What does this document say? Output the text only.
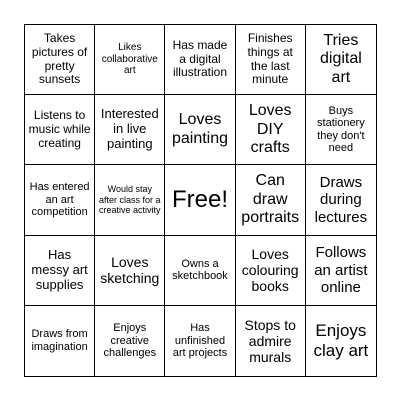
Takes pictures of pretty sunsets
Likes collaborative art
Has made a digital illustration
Finishes things at the last minute
Tries digital art
Listens to music while creating
Interested in live painting
Loves painting
Loves DIY crafts
Buys stationery they don't need
Has entered an art competition
Would stay after class for a creative activity Free!
Can draw portraits
Draws during lectures
Has messy art supplies
Loves sketching
Owns a sketchbook
Loves colouring books
Follows an artist online
Draws from imagination
Enjoys creative challenges
Has unfinished art projects
Stops to admire murals
Enjoys clay art
